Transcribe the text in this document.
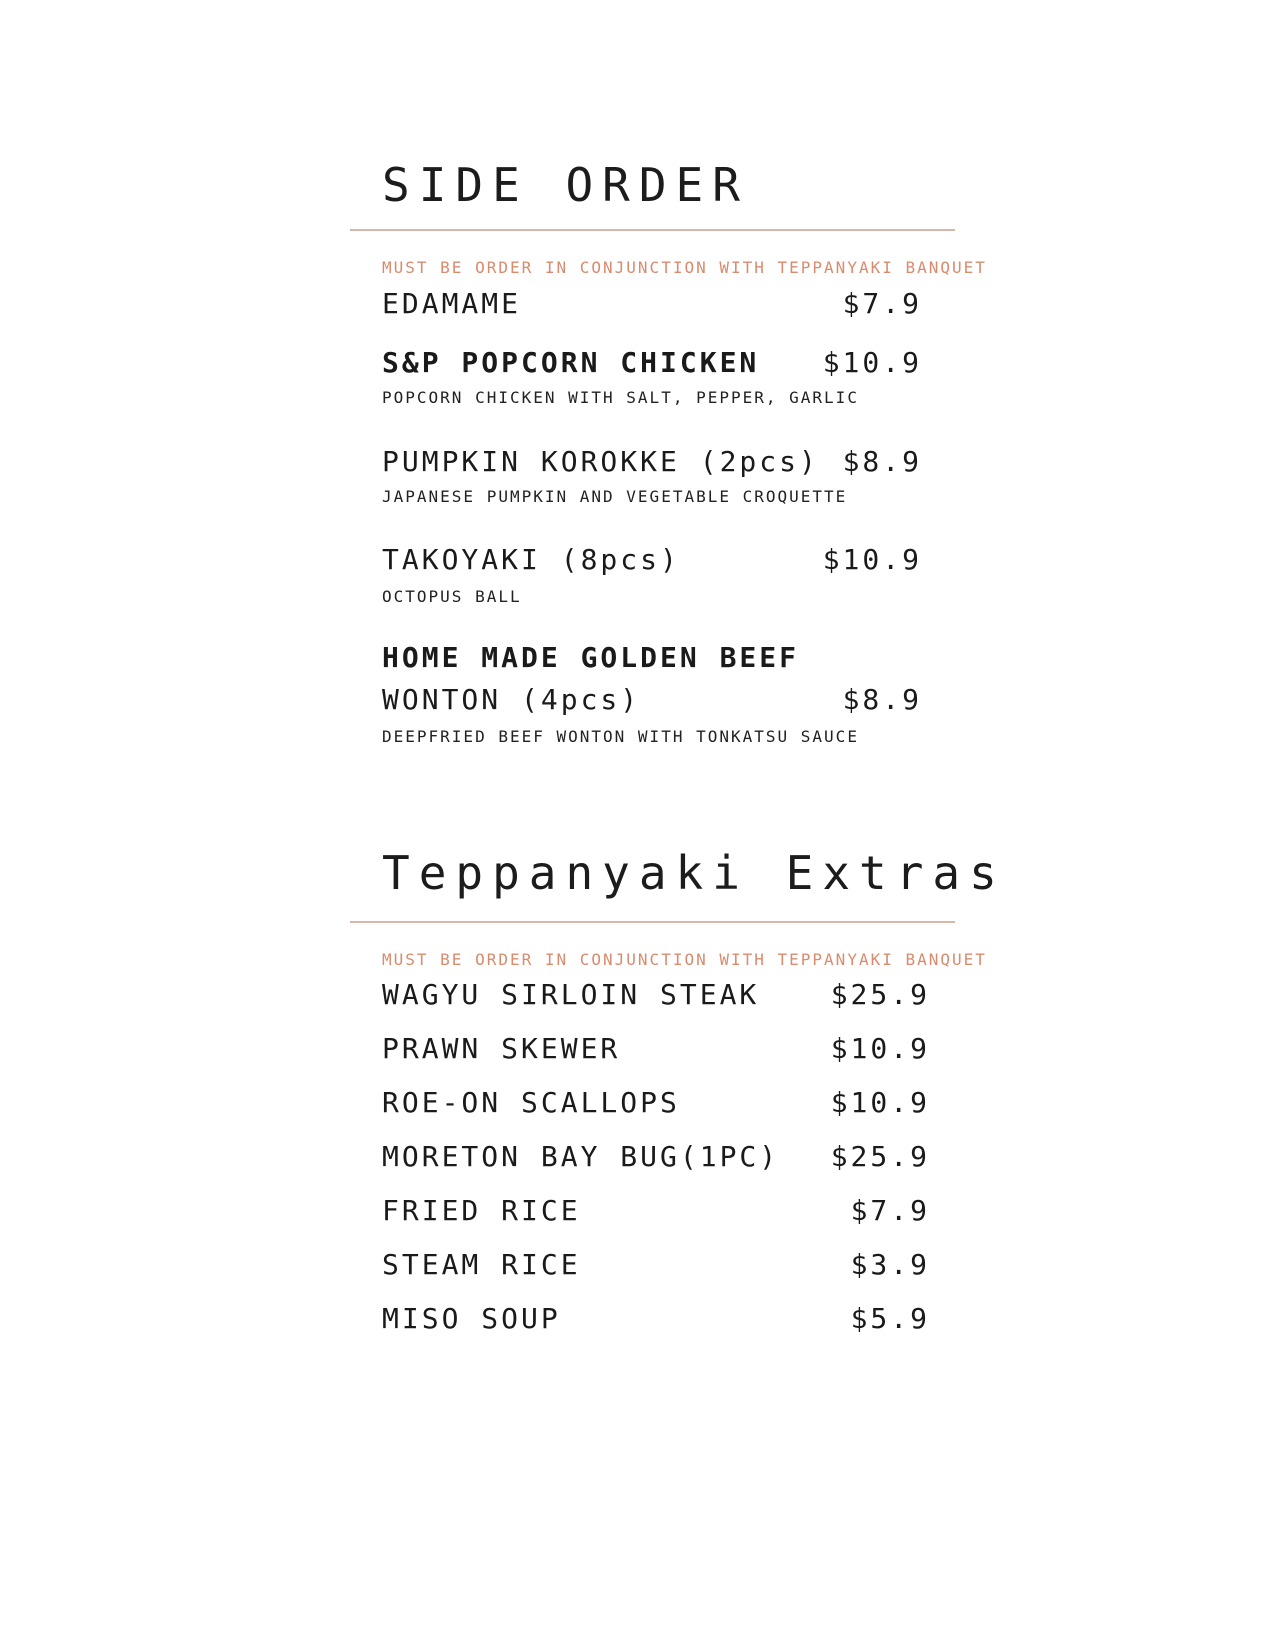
SIDE ORDER
MUST BE ORDER IN CONJUNCTION WITH TEPPANYAKI BANQUET
EDAMAME	$7.9
S&P POPCORN CHICKEN $10.9
POPCORN CHICKEN WITH SALT, PEPPER, GARLIC
PUMPKIN KOROKKE (2pcs) $8.9
JAPANESE PUMPKIN AND VEGETABLE CROQUETTE
TAKOYAKI (8pcs)	$10.9
OCTOPUS BALL
HOME MADE GOLDEN BEEF
WONTON (4pcs)	$8.9
DEEPFRIED BEEF WONTON WITH TONKATSU SAUCE
Teppanyaki Extras
MUST BE ORDER IN CONJUNCTION WITH TEPPANYAKI BANQUET
WAGYU SIRLOIN STEAK	$25.9
PRAWN SKEWER	$10.9
ROE-ON SCALLOPS	$10.9
MORETON BAY BUG(1PC) $25.9
FRIED RICE	$7.9
STEAM RICE	$3.9
MISO SOUP	$5.9
